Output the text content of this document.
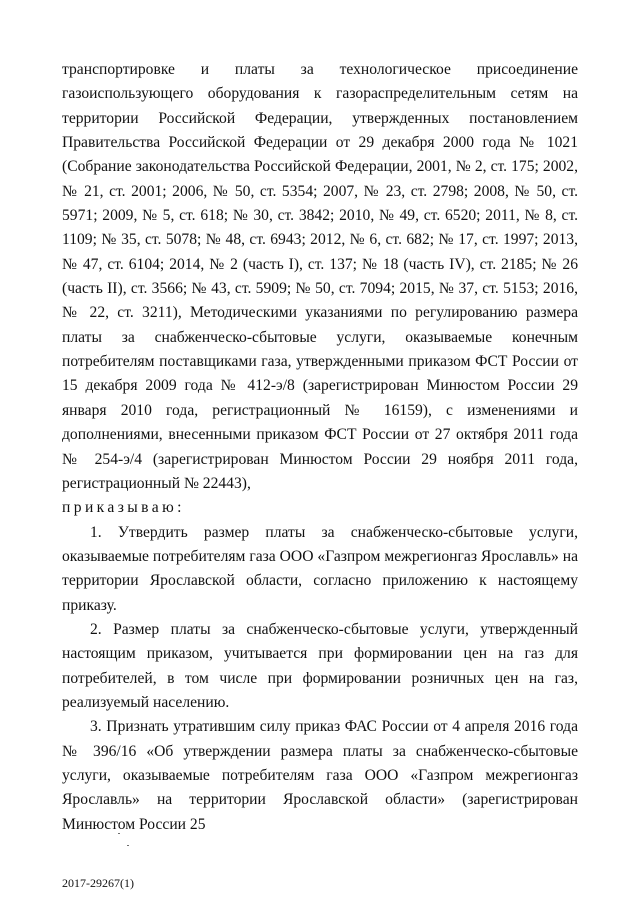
транспортировке и платы за технологическое присоединение газоиспользующего оборудования к газораспределительным сетям на территории Российской Федерации, утвержденных постановлением Правительства Российской Федерации от 29 декабря 2000 года № 1021 (Собрание законодательства Российской Федерации, 2001, № 2, ст. 175; 2002, № 21, ст. 2001; 2006, № 50, ст. 5354; 2007, № 23, ст. 2798; 2008, № 50, ст. 5971; 2009, № 5, ст. 618; № 30, ст. 3842; 2010, № 49, ст. 6520; 2011, № 8, ст. 1109; № 35, ст. 5078; № 48, ст. 6943; 2012, № 6, ст. 682; № 17, ст. 1997; 2013, № 47, ст. 6104; 2014, № 2 (часть I), ст. 137; № 18 (часть IV), ст. 2185; № 26 (часть II), ст. 3566; № 43, ст. 5909; № 50, ст. 7094; 2015, № 37, ст. 5153; 2016, № 22, ст. 3211), Методическими указаниями по регулированию размера платы за снабженческо-сбытовые услуги, оказываемые конечным потребителям поставщиками газа, утвержденными приказом ФСТ России от 15 декабря 2009 года № 412-э/8 (зарегистрирован Минюстом России 29 января 2010 года, регистрационный № 16159), с изменениями и дополнениями, внесенными приказом ФСТ России от 27 октября 2011 года № 254-э/4 (зарегистрирован Минюстом России 29 ноября 2011 года, регистрационный № 22443),

приказываю:

1. Утвердить размер платы за снабженческо-сбытовые услуги, оказываемые потребителям газа ООО «Газпром межрегионгаз Ярославль» на территории Ярославской области, согласно приложению к настоящему приказу.

2. Размер платы за снабженческо-сбытовые услуги, утвержденный настоящим приказом, учитывается при формировании цен на газ для потребителей, в том числе при формировании розничных цен на газ, реализуемый населению.

3. Признать утратившим силу приказ ФАС России от 4 апреля 2016 года № 396/16 «Об утверждении размера платы за снабженческо-сбытовые услуги, оказываемые потребителям газа ООО «Газпром межрегионгаз Ярославль» на территории Ярославской области» (зарегистрирован Минюстом России 25

2017-29267(1)
